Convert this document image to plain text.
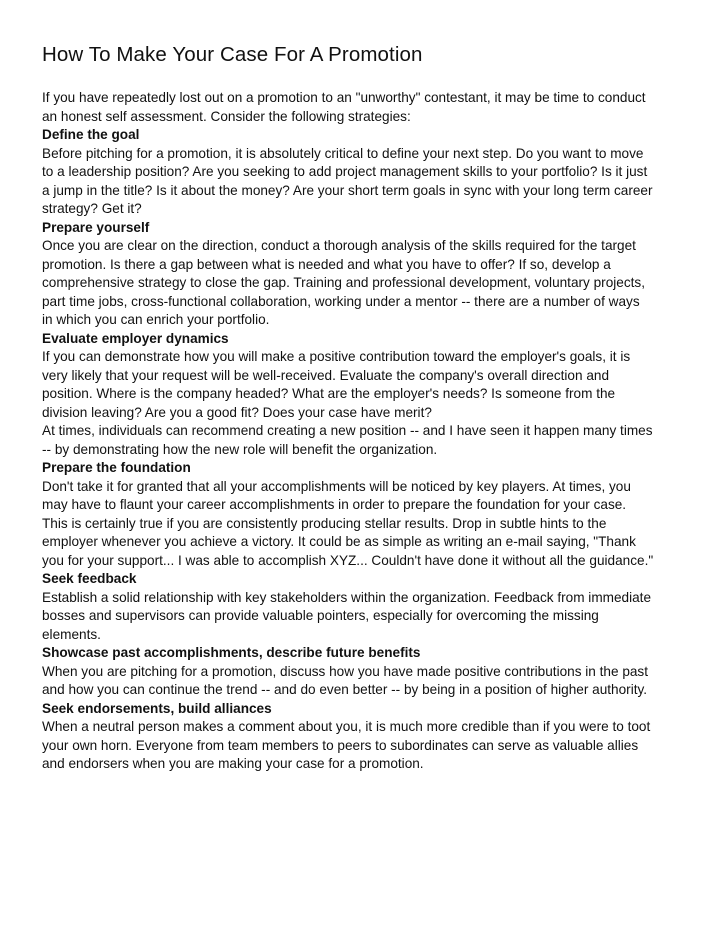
How To Make Your Case For A Promotion
If you have repeatedly lost out on a promotion to an "unworthy" contestant, it may be time to conduct
an honest self assessment. Consider the following strategies:
Define the goal
Before pitching for a promotion, it is absolutely critical to define your next step. Do you want to move
to a leadership position? Are you seeking to add project management skills to your portfolio? Is it just
a jump in the title? Is it about the money? Are your short term goals in sync with your long term career
strategy? Get it?
Prepare yourself
Once you are clear on the direction, conduct a thorough analysis of the skills required for the target
promotion. Is there a gap between what is needed and what you have to offer? If so, develop a
comprehensive strategy to close the gap. Training and professional development, voluntary projects,
part time jobs, cross-functional collaboration, working under a mentor -- there are a number of ways
in which you can enrich your portfolio.
Evaluate employer dynamics
If you can demonstrate how you will make a positive contribution toward the employer's goals, it is
very likely that your request will be well-received. Evaluate the company's overall direction and
position. Where is the company headed? What are the employer's needs? Is someone from the
division leaving? Are you a good fit? Does your case have merit?
At times, individuals can recommend creating a new position -- and I have seen it happen many times
-- by demonstrating how the new role will benefit the organization.
Prepare the foundation
Don't take it for granted that all your accomplishments will be noticed by key players. At times, you
may have to flaunt your career accomplishments in order to prepare the foundation for your case.
This is certainly true if you are consistently producing stellar results. Drop in subtle hints to the
employer whenever you achieve a victory. It could be as simple as writing an e-mail saying, "Thank
you for your support... I was able to accomplish XYZ... Couldn't have done it without all the guidance."
Seek feedback
Establish a solid relationship with key stakeholders within the organization. Feedback from immediate
bosses and supervisors can provide valuable pointers, especially for overcoming the missing
elements.
Showcase past accomplishments, describe future benefits
When you are pitching for a promotion, discuss how you have made positive contributions in the past
and how you can continue the trend -- and do even better -- by being in a position of higher authority.
Seek endorsements, build alliances
When a neutral person makes a comment about you, it is much more credible than if you were to toot
your own horn. Everyone from team members to peers to subordinates can serve as valuable allies
and endorsers when you are making your case for a promotion.
